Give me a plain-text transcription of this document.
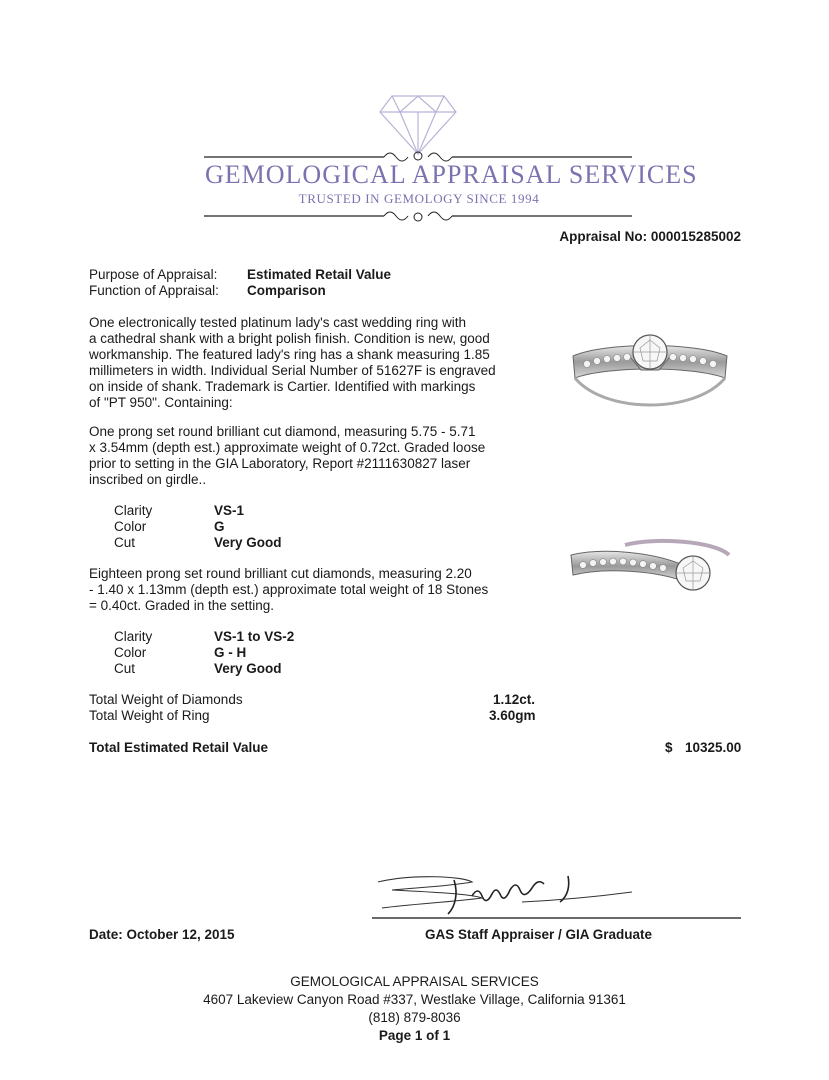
GEMOLOGICAL APPRAISAL SERVICES
TRUSTED IN GEMOLOGY SINCE 1994
Appraisal No: 000015285002
Purpose of Appraisal: Estimated Retail Value
Function of Appraisal: Comparison
One electronically tested platinum lady's cast wedding ring with
a cathedral shank with a bright polish finish. Condition is new, good
workmanship. The featured lady's ring has a shank measuring 1.85
millimeters in width. Individual Serial Number of 51627F is engraved
on inside of shank. Trademark is Cartier. Identified with markings
of "PT 950". Containing:
One prong set round brilliant cut diamond, measuring 5.75 - 5.71
x 3.54mm (depth est.) approximate weight of 0.72ct. Graded loose
prior to setting in the GIA Laboratory, Report #2111630827 laser
inscribed on girdle..
Clarity	VS-1
Color	G
Cut	Very Good
Eighteen prong set round brilliant cut diamonds, measuring 2.20
- 1.40 x 1.13mm (depth est.) approximate total weight of 18 Stones
= 0.40ct. Graded in the setting.
Clarity	VS-1 to VS-2
Color	G - H
Cut	Very Good
Total Weight of Diamonds	1.12ct.
Total Weight of Ring	3.60gm
Total Estimated Retail Value	$ 10325.00
Date: October 12, 2015	GAS Staff Appraiser / GIA Graduate
GEMOLOGICAL APPRAISAL SERVICES
4607 Lakeview Canyon Road #337, Westlake Village, California 91361
(818) 879-8036
Page 1 of 1
